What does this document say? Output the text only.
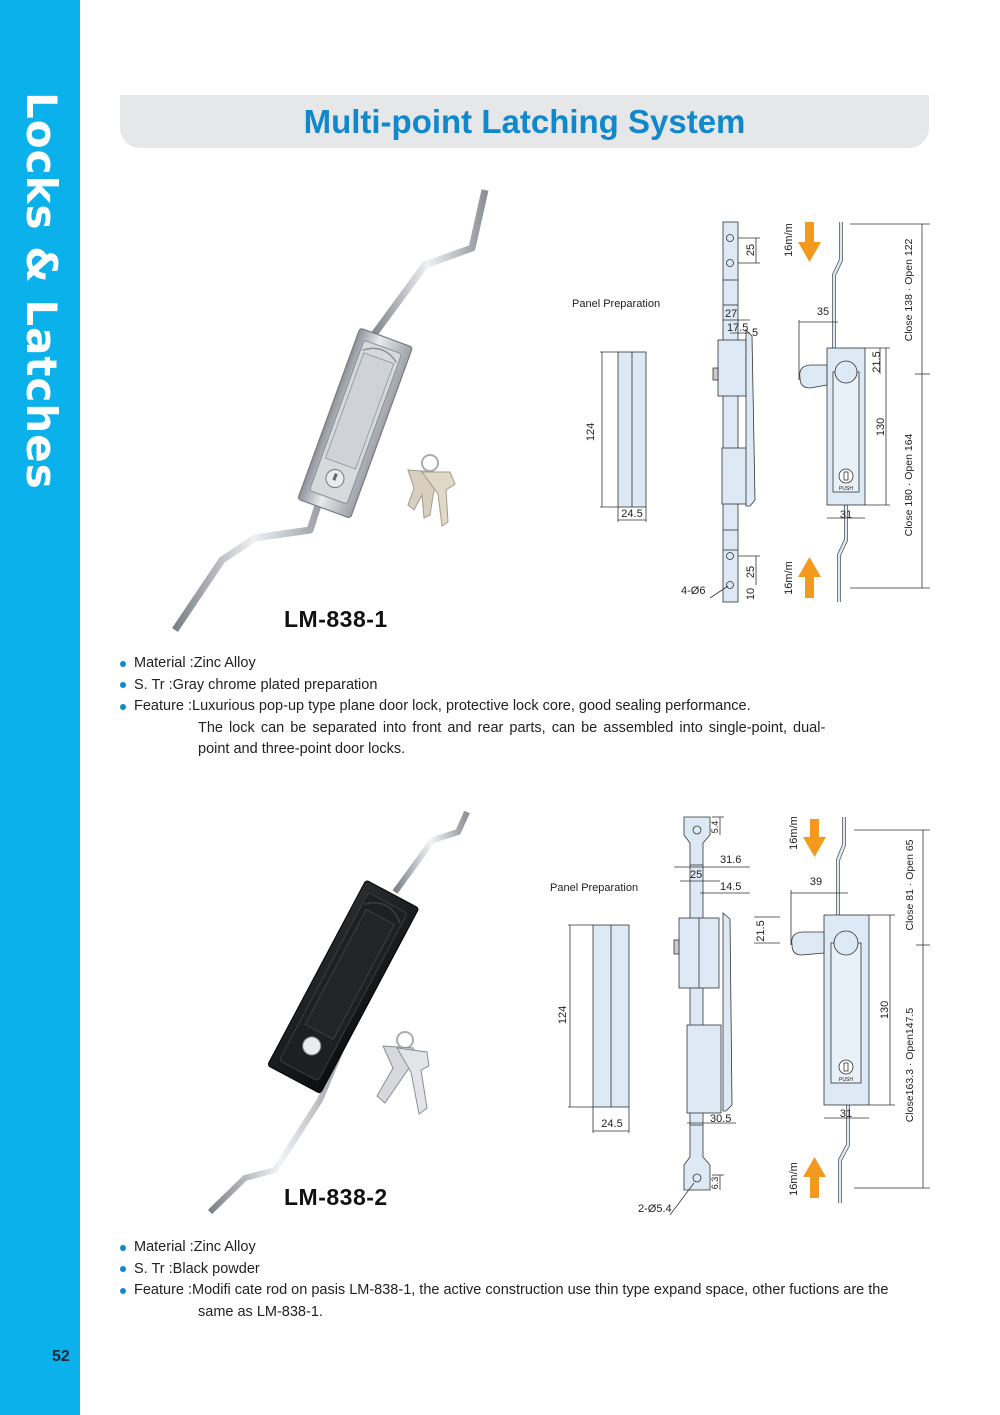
Locks & Latches
52
Multi-point Latching System
LM-838-1
Panel Preparation
124
24.5
25
27
17.5 5
25
10
4-Ø6
16m/m
16m/m
PUSH
35
21.5
130
31
Close 138 · Open 122
Close 180 · Open 164
Material : Zinc Alloy
S. Tr : Gray chrome plated preparation
Feature : Luxurious pop-up type plane door lock, protective lock core, good sealing performance.
The lock can be separated into front and rear parts, can be assembled into single-point, dual-
point and three-point door locks.
LM-838-2
Panel Preparation
124
24.5
5.4
31.6
25
14.5
30.5
6.3
2-Ø5.4
21.5
16m/m
16m/m
PUSH
39
130
31
Close 81 · Open 65
Close163.3 · Open147.5
Material : Zinc Alloy
S. Tr : Black powder
Feature : Modifi cate rod on pasis LM-838-1, the active construction use thin type expand space, other fuctions are the
same as LM-838-1.
